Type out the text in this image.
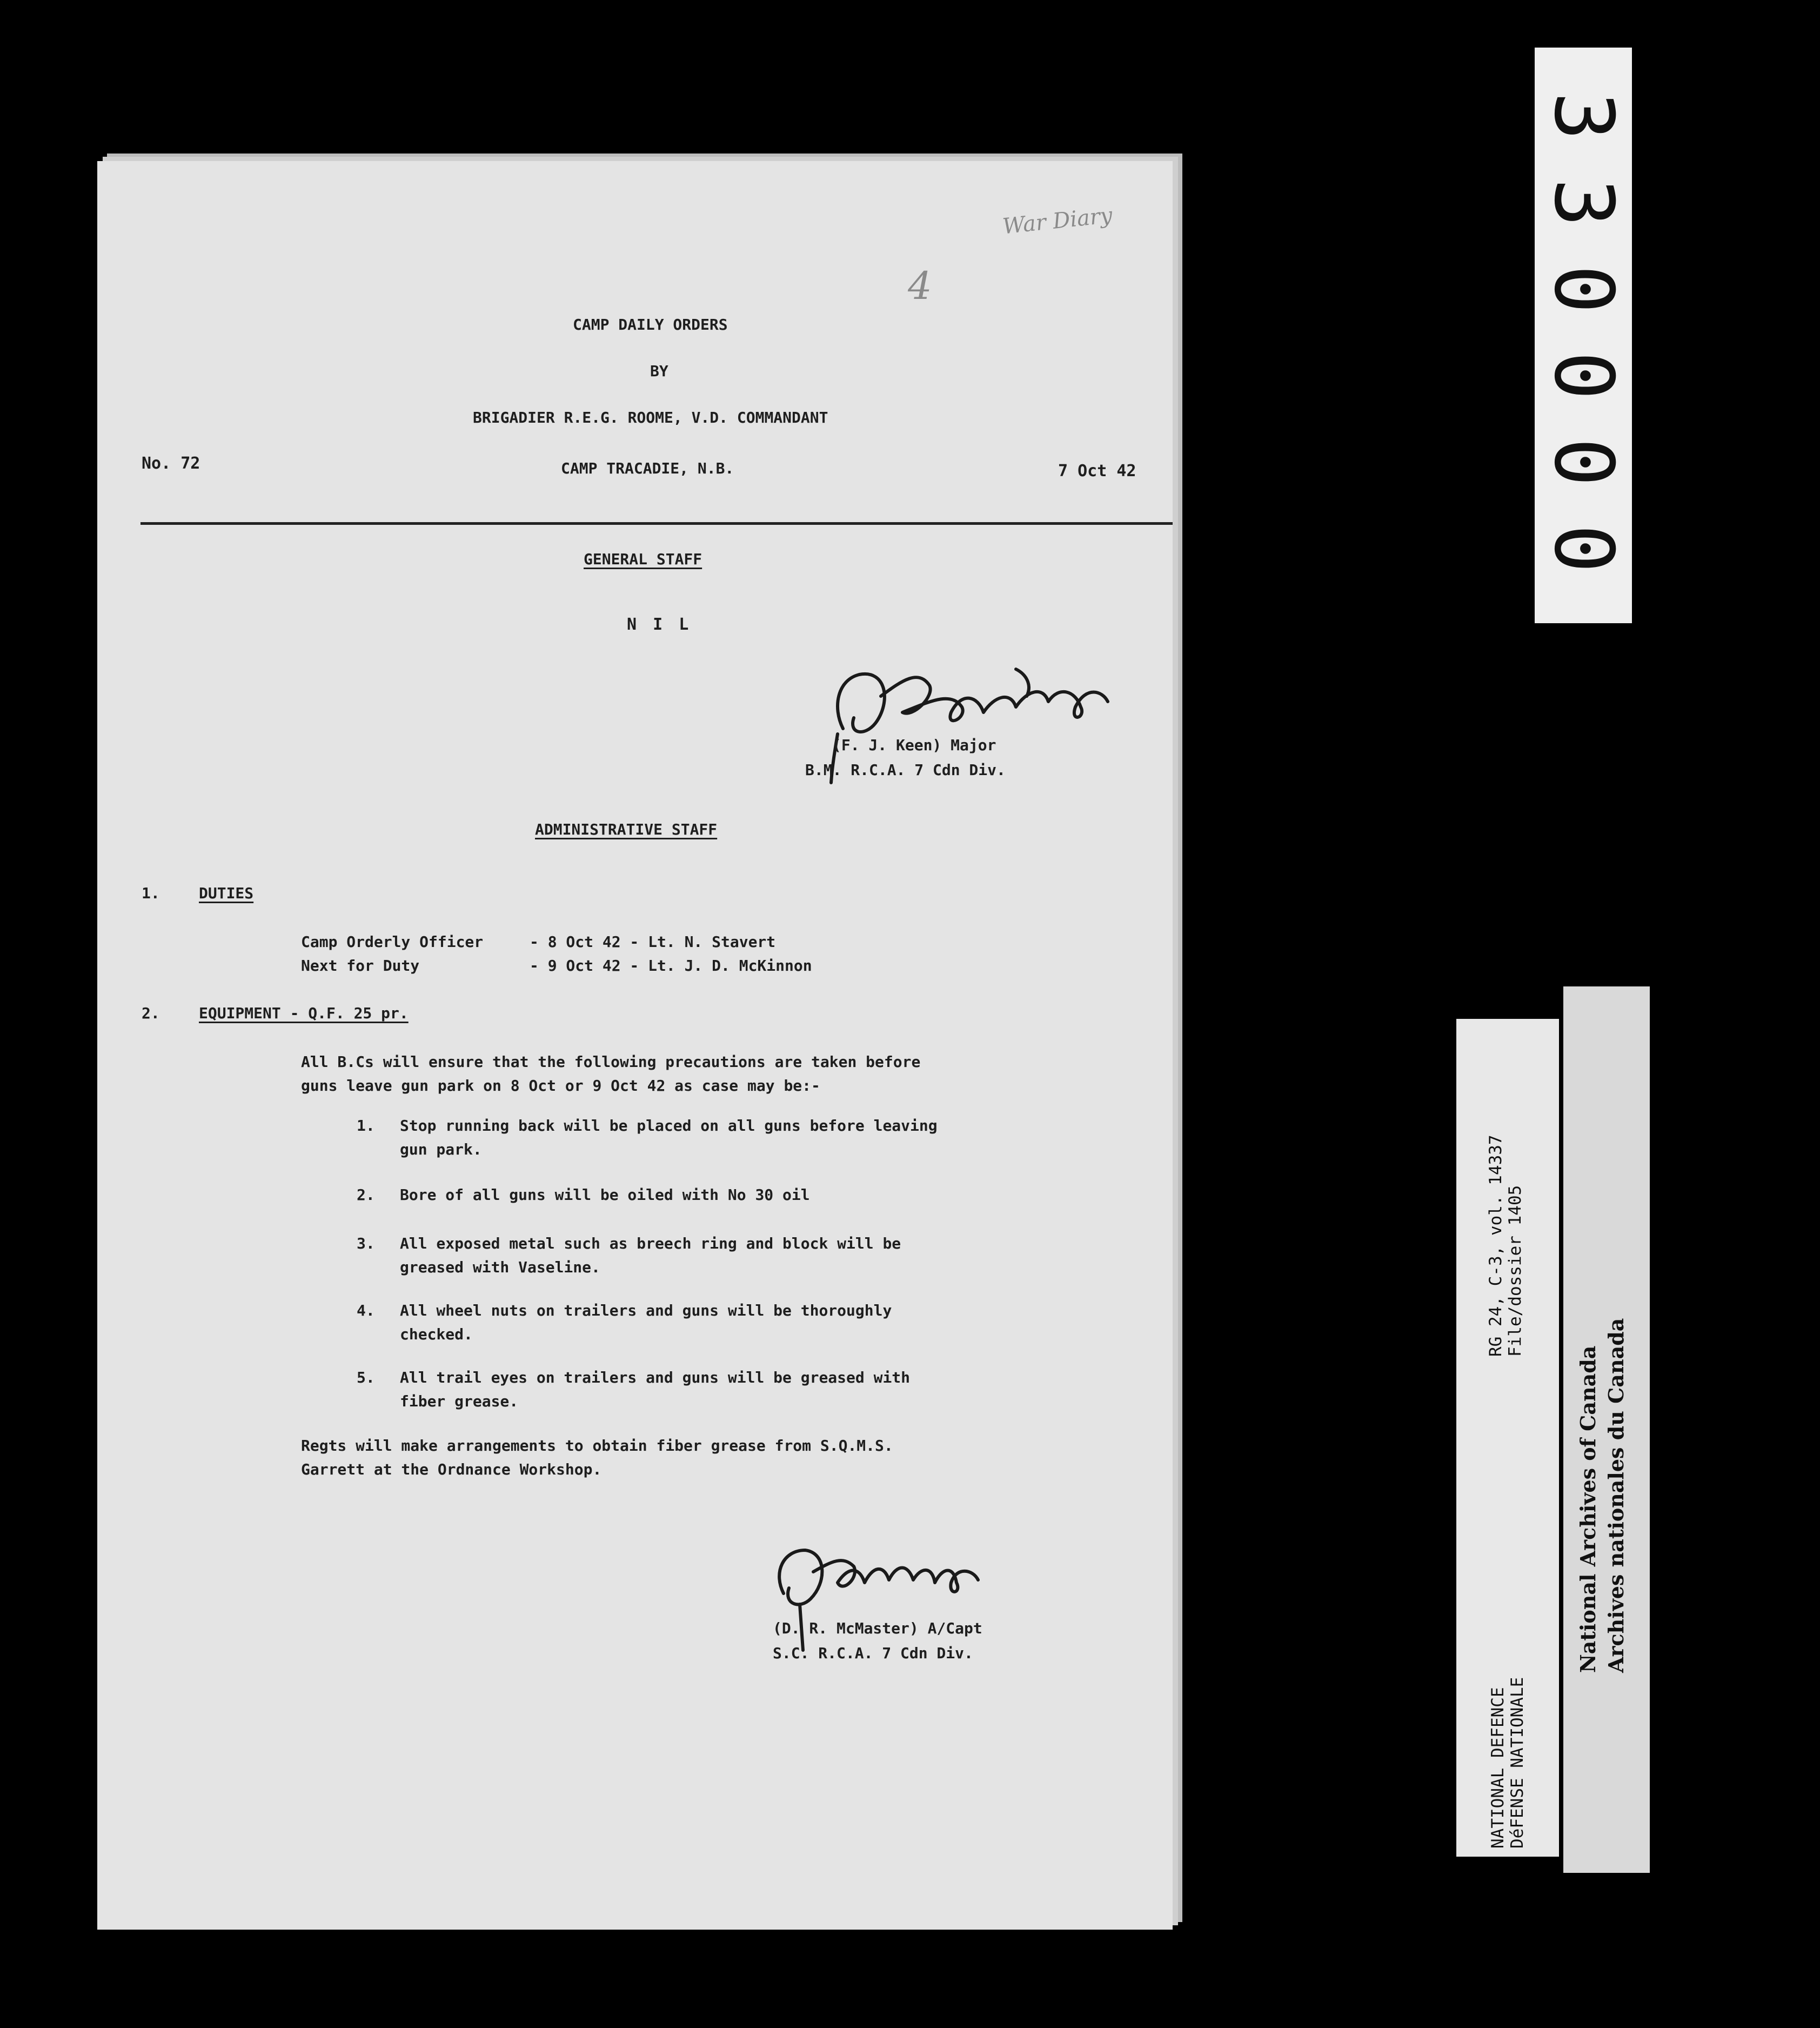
War Diary
4
CAMP DAILY ORDERS
BY
BRIGADIER R.E.G. ROOME, V.D. COMMANDANT
No. 72	CAMP TRACADIE, N.B.	7 Oct 42
GENERAL STAFF
N I L
(F. J. Keen) Major
B.M. R.C.A. 7 Cdn Div.
ADMINISTRATIVE STAFF
1.	DUTIES
Camp Orderly Officer	- 8 Oct 42 - Lt. N. Stavert
Next for Duty	- 9 Oct 42 - Lt. J. D. McKinnon
2.	EQUIPMENT - Q.F. 25 pr.
All B.Cs will ensure that the following precautions are taken before
guns leave gun park on 8 Oct or 9 Oct 42 as case may be:-
1. Stop running back will be placed on all guns before leaving
gun park.
2. Bore of all guns will be oiled with No 30 oil
3. All exposed metal such as breech ring and block will be
greased with Vaseline.
4. All wheel nuts on trailers and guns will be thoroughly
checked.
5. All trail eyes on trailers and guns will be greased with
fiber grease.
Regts will make arrangements to obtain fiber grease from S.Q.M.S.
Garrett at the Ordnance Workshop.
(D. R. McMaster) A/Capt
S.C. R.C.A. 7 Cdn Div.
3
3
0
0
0
0
RG 24, C-3, vol. 14337 File/dossier 1405
NATIONAL DEFENCE DéFENSE NATIONALE
National Archives of Canada Archives nationales du Canada
